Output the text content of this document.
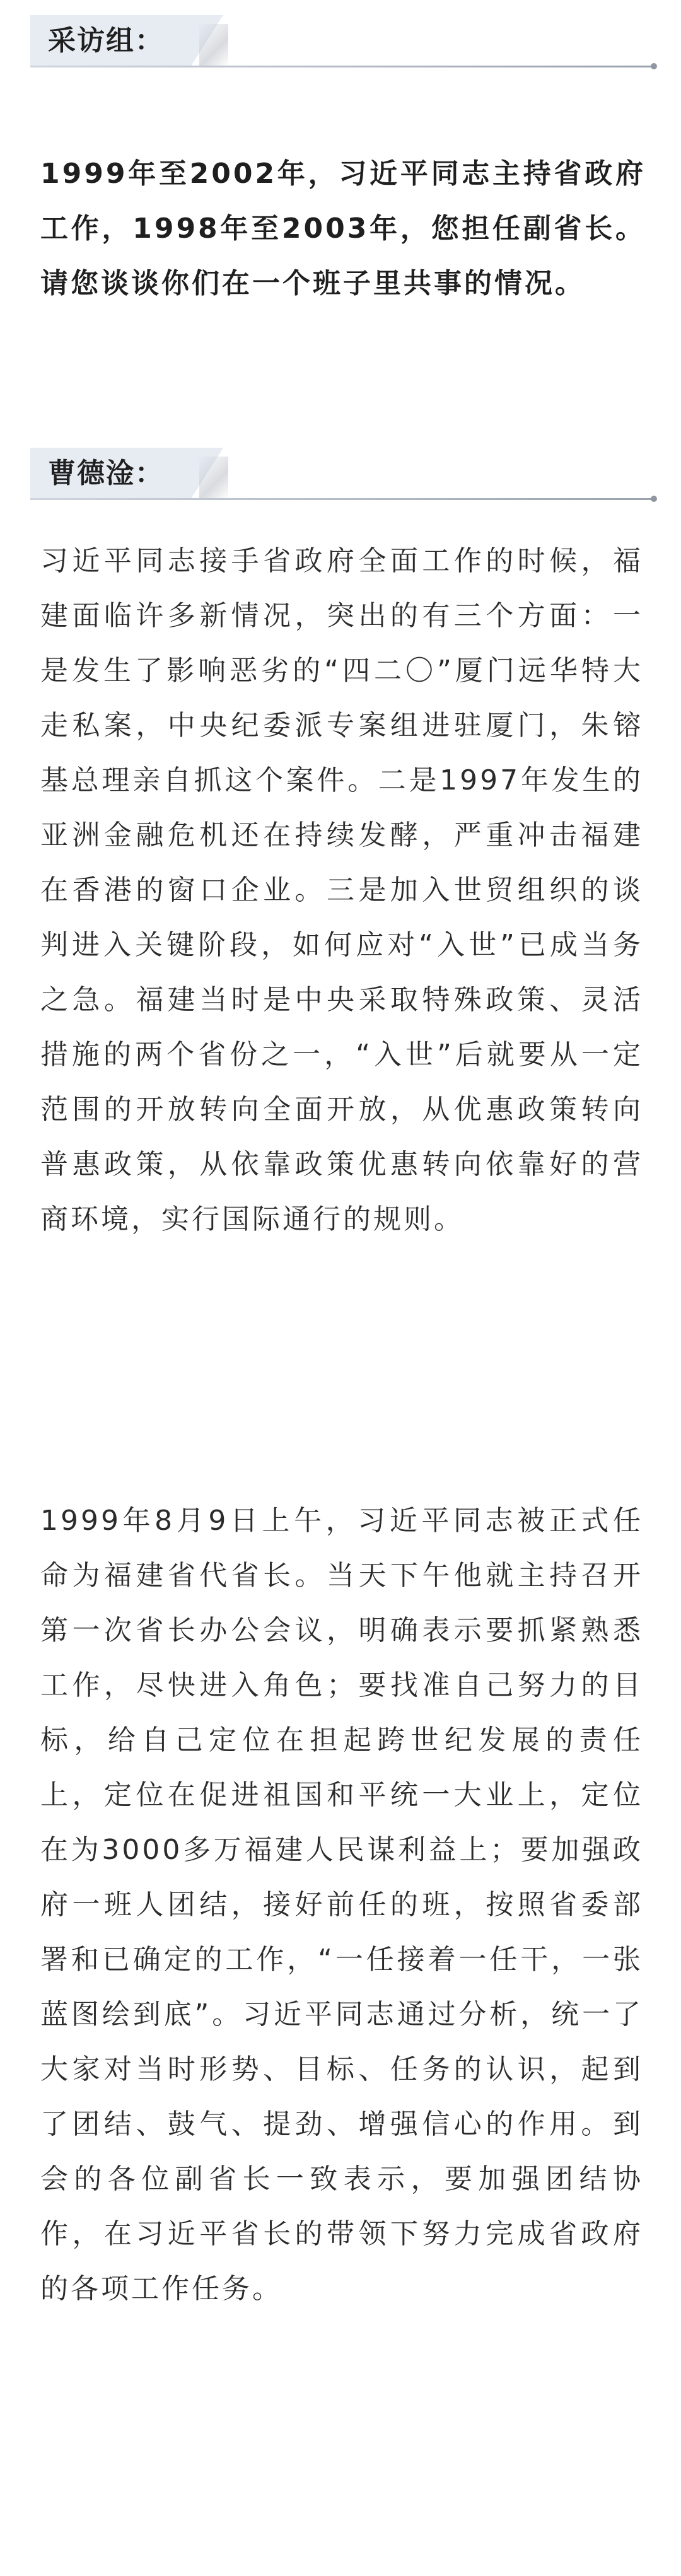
采访组：

1999年至2002年，习近平同志主持省政府工作，1998年至2003年，您担任副省长。请您谈谈你们在一个班子里共事的情况。

曹德淦：

习近平同志接手省政府全面工作的时候，福建面临许多新情况，突出的有三个方面：一是发生了影响恶劣的“四二〇”厦门远华特大走私案，中央纪委派专案组进驻厦门，朱镕基总理亲自抓这个案件。二是1997年发生的亚洲金融危机还在持续发酵，严重冲击福建在香港的窗口企业。三是加入世贸组织的谈判进入关键阶段，如何应对“入世”已成当务之急。福建当时是中央采取特殊政策、灵活措施的两个省份之一，“入世”后就要从一定范围的开放转向全面开放，从优惠政策转向普惠政策，从依靠政策优惠转向依靠好的营商环境，实行国际通行的规则。

1999年8月9日上午，习近平同志被正式任命为福建省代省长。当天下午他就主持召开第一次省长办公会议，明确表示要抓紧熟悉工作，尽快进入角色；要找准自己努力的目标，给自己定位在担起跨世纪发展的责任上，定位在促进祖国和平统一大业上，定位在为3000多万福建人民谋利益上；要加强政府一班人团结，接好前任的班，按照省委部署和已确定的工作，“一任接着一任干，一张蓝图绘到底”。习近平同志通过分析，统一了大家对当时形势、目标、任务的认识，起到了团结、鼓气、提劲、增强信心的作用。到会的各位副省长一致表示，要加强团结协作，在习近平省长的带领下努力完成省政府的各项工作任务。
